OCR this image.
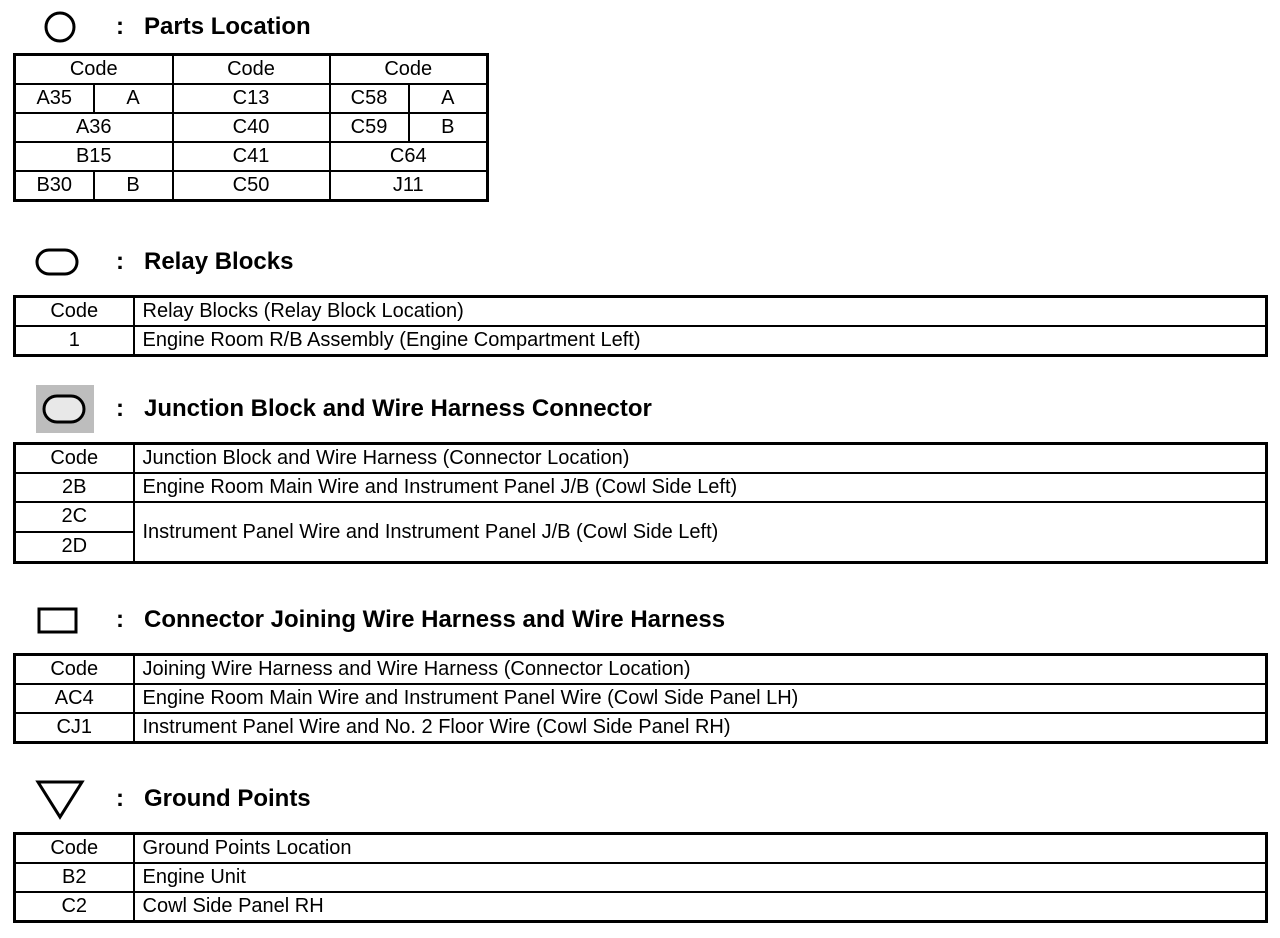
: Parts Location
Code		Code	Code	
A35	A	C13	C58	A
A36		C40	C59	B
B15		C41	C64	
B30	B	C50	J11	
: Relay Blocks
Code	Relay Blocks (Relay Block Location)
1	Engine Room R/B Assembly (Engine Compartment Left)
: Junction Block and Wire Harness Connector
Code	Junction Block and Wire Harness (Connector Location)
2B	Engine Room Main Wire and Instrument Panel J/B (Cowl Side Left)
2C	Instrument Panel Wire and Instrument Panel J/B (Cowl Side Left)
2D	
: Connector Joining Wire Harness and Wire Harness
Code	Joining Wire Harness and Wire Harness (Connector Location)
AC4	Engine Room Main Wire and Instrument Panel Wire (Cowl Side Panel LH)
CJ1	Instrument Panel Wire and No. 2 Floor Wire (Cowl Side Panel RH)
: Ground Points
Code	Ground Points Location
B2	Engine Unit
C2	Cowl Side Panel RH
